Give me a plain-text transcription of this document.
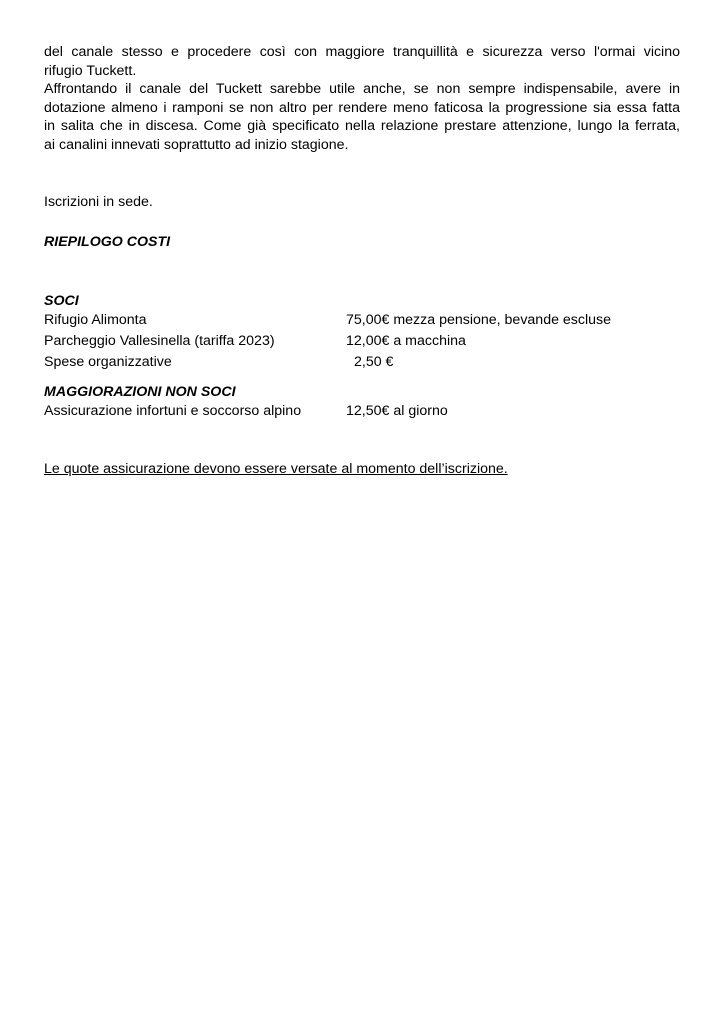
del canale stesso e procedere così con maggiore tranquillità e sicurezza verso l'ormai vicino
rifugio Tuckett.
Affrontando il canale del Tuckett sarebbe utile anche, se non sempre indispensabile, avere in
dotazione almeno i ramponi se non altro per rendere meno faticosa la progressione sia essa fatta
in salita che in discesa. Come già specificato nella relazione prestare attenzione, lungo la ferrata,
ai canalini innevati soprattutto ad inizio stagione.

Iscrizioni in sede.

RIEPILOGO COSTI

SOCI

Rifugio Alimonta	75,00€ mezza pensione, bevande escluse
Parcheggio Vallesinella (tariffa 2023)	12,00€ a macchina
Spese organizzative	2,50 €

MAGGIORAZIONI NON SOCI

Assicurazione infortuni e soccorso alpino	12,50€ al giorno

Le quote assicurazione devono essere versate al momento dell’iscrizione.
